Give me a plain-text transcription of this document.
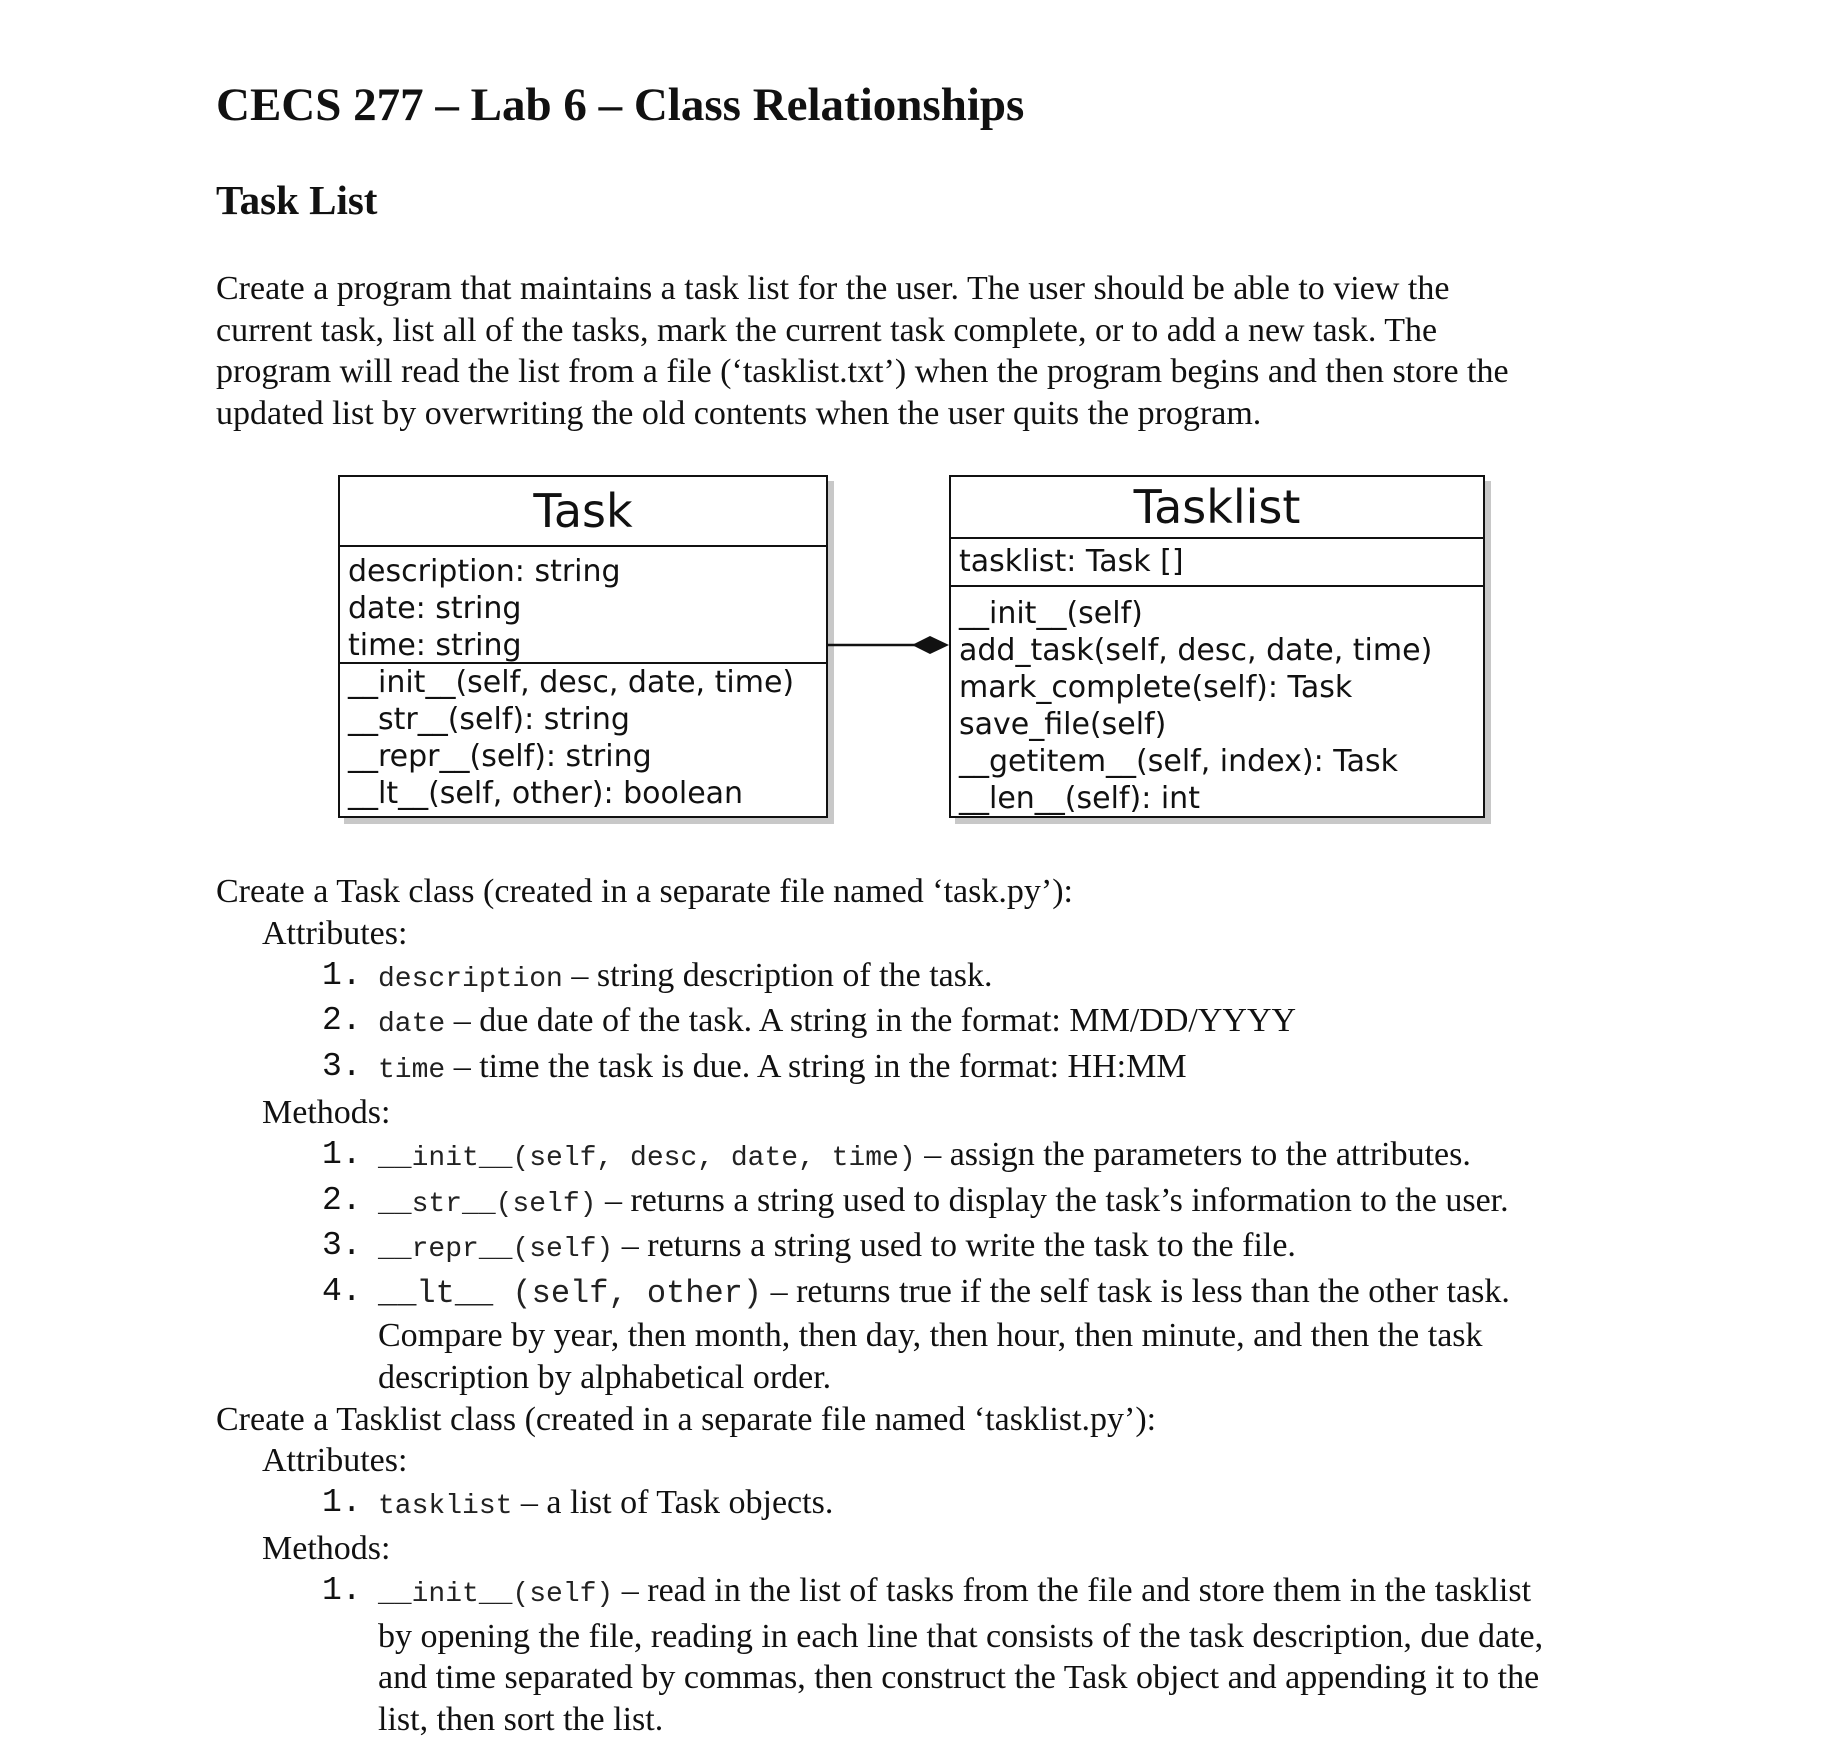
CECS 277 – Lab 6 – Class Relationships
Task List

Create a program that maintains a task list for the user. The user should be able to view the

current task, list all of the tasks, mark the current task complete, or to add a new task. The

program will read the list from a file (‘tasklist.txt’) when the program begins and then store the

updated list by overwriting the old contents when the user quits the program.

Task
description: string
date: string
time: string
__init__(self, desc, date, time)
__str__(self): string
__repr__(self): string
__lt__(self, other): boolean
Tasklist
tasklist: Task []
__init__(self)
add_task(self, desc, date, time)
mark_complete(self): Task
save_file(self)
__getitem__(self, index): Task
__len__(self): int
Create a Task class (created in a separate file named ‘task.py’):
Attributes:
1. description – string description of the task.
2. date – due date of the task. A string in the format: MM/DD/YYYY
3. time – time the task is due. A string in the format: HH:MM
Methods:
1. __init__(self, desc, date, time) – assign the parameters to the attributes.
2. __str__(self) – returns a string used to display the task’s information to the user.
3. __repr__(self) – returns a string used to write the task to the file.
4. __lt__ (self, other) – returns true if the self task is less than the other task.
Compare by year, then month, then day, then hour, then minute, and then the task
description by alphabetical order.
Create a Tasklist class (created in a separate file named ‘tasklist.py’):
Attributes:
1. tasklist – a list of Task objects.
Methods:
1. __init__(self) – read in the list of tasks from the file and store them in the tasklist
by opening the file, reading in each line that consists of the task description, due date,
and time separated by commas, then construct the Task object and appending it to the
list, then sort the list.
